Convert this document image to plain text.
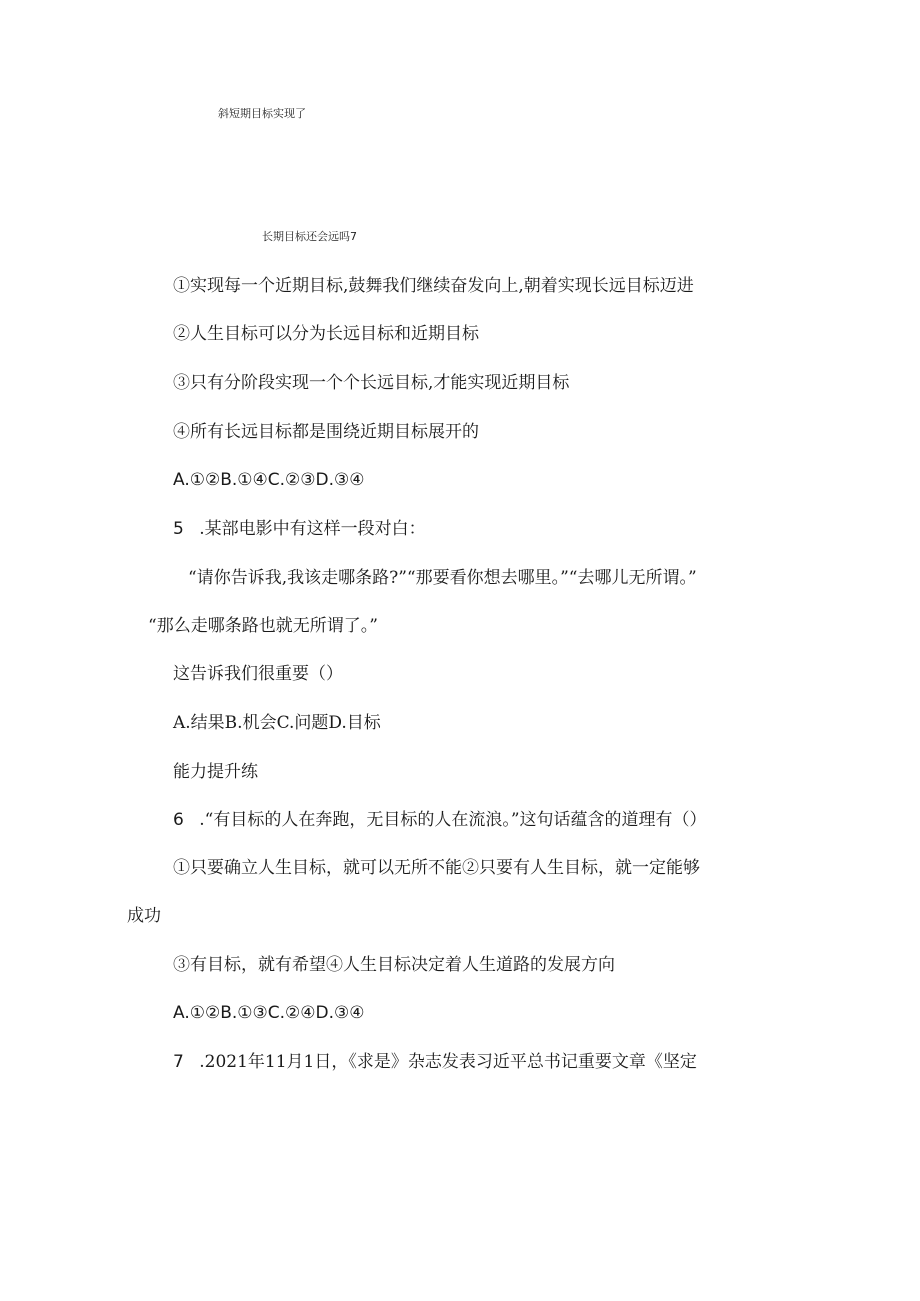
斜短期目标实现了
长期目标还会远吗7
①实现每一个近期目标,鼓舞我们继续奋发向上,朝着实现长远目标迈进
②人生目标可以分为长远目标和近期目标
③只有分阶段实现一个个长远目标,才能实现近期目标
④所有长远目标都是围绕近期目标展开的
A.①②B.①④C.②③D.③④
5 .某部电影中有这样一段对白：
“请你告诉我,我该走哪条路?”“那要看你想去哪里。”“去哪儿无所谓。”
“那么走哪条路也就无所谓了。”
这告诉我们很重要（）
A.结果B.机会C.问题D.目标
能力提升练
6 .“有目标的人在奔跑，无目标的人在流浪。”这句话蕴含的道理有（）
①只要确立人生目标，就可以无所不能②只要有人生目标，就一定能够
成功
③有目标，就有希望④人生目标决定着人生道路的发展方向
A.①②B.①③C.②④D.③④
7 .2021年11月1日，《求是》杂志发表习近平总书记重要文章《坚定
